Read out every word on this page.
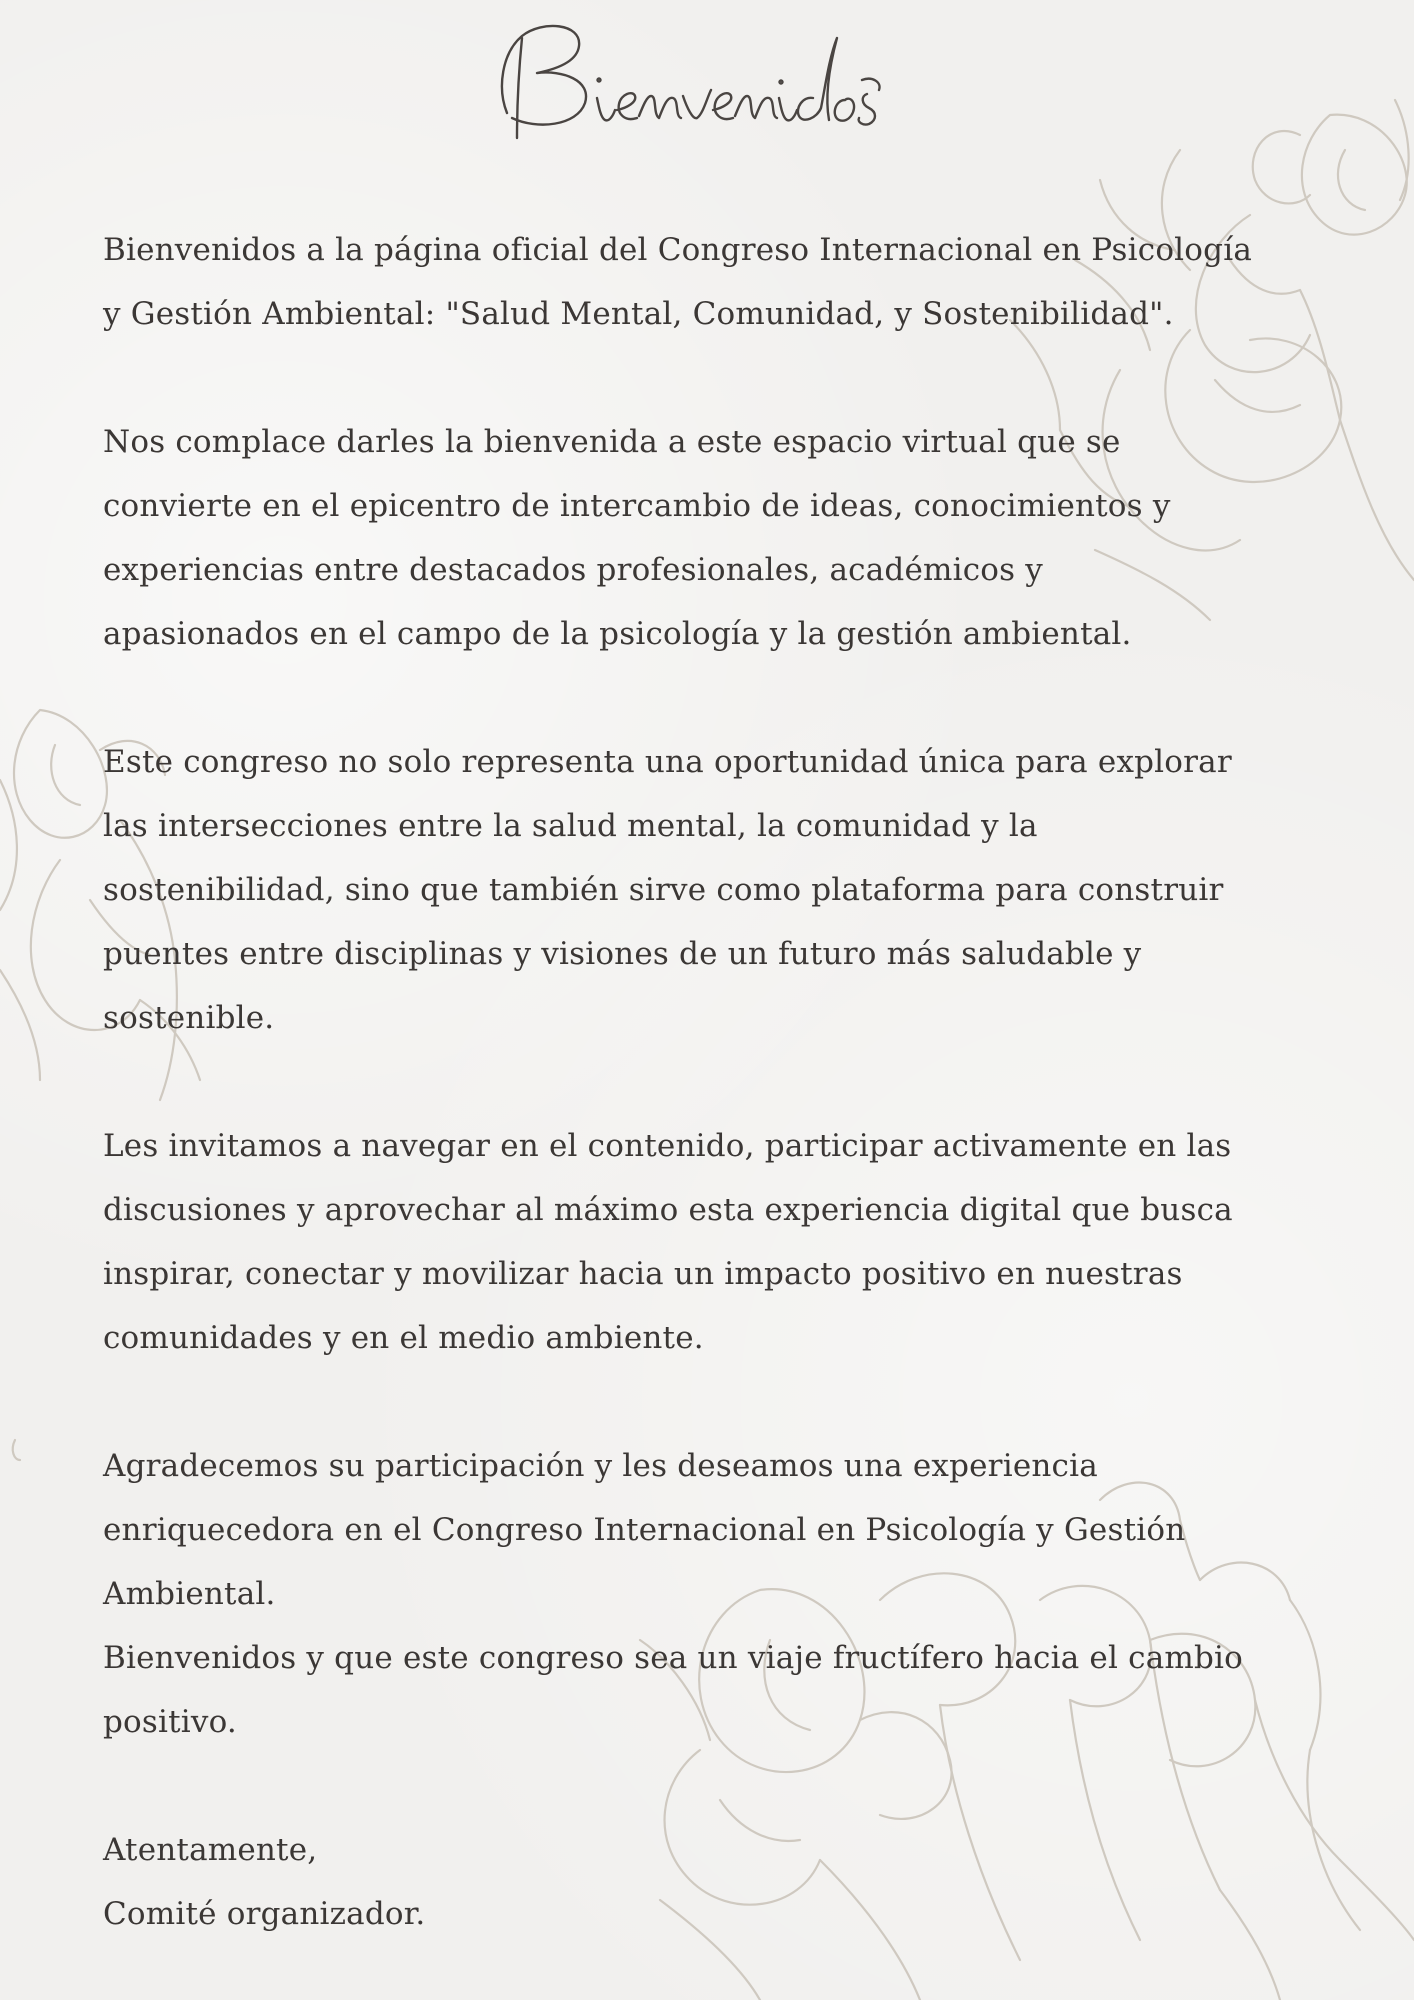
Bienvenidos a la página oficial del Congreso Internacional en Psicología
y Gestión Ambiental: "Salud Mental, Comunidad, y Sostenibilidad".

Nos complace darles la bienvenida a este espacio virtual que se
convierte en el epicentro de intercambio de ideas, conocimientos y
experiencias entre destacados profesionales, académicos y
apasionados en el campo de la psicología y la gestión ambiental.

Este congreso no solo representa una oportunidad única para explorar
las intersecciones entre la salud mental, la comunidad y la
sostenibilidad, sino que también sirve como plataforma para construir
puentes entre disciplinas y visiones de un futuro más saludable y
sostenible.

Les invitamos a navegar en el contenido, participar activamente en las
discusiones y aprovechar al máximo esta experiencia digital que busca
inspirar, conectar y movilizar hacia un impacto positivo en nuestras
comunidades y en el medio ambiente.

Agradecemos su participación y les deseamos una experiencia
enriquecedora en el Congreso Internacional en Psicología y Gestión
Ambiental.
Bienvenidos y que este congreso sea un viaje fructífero hacia el cambio
positivo.

Atentamente,
Comité organizador.
